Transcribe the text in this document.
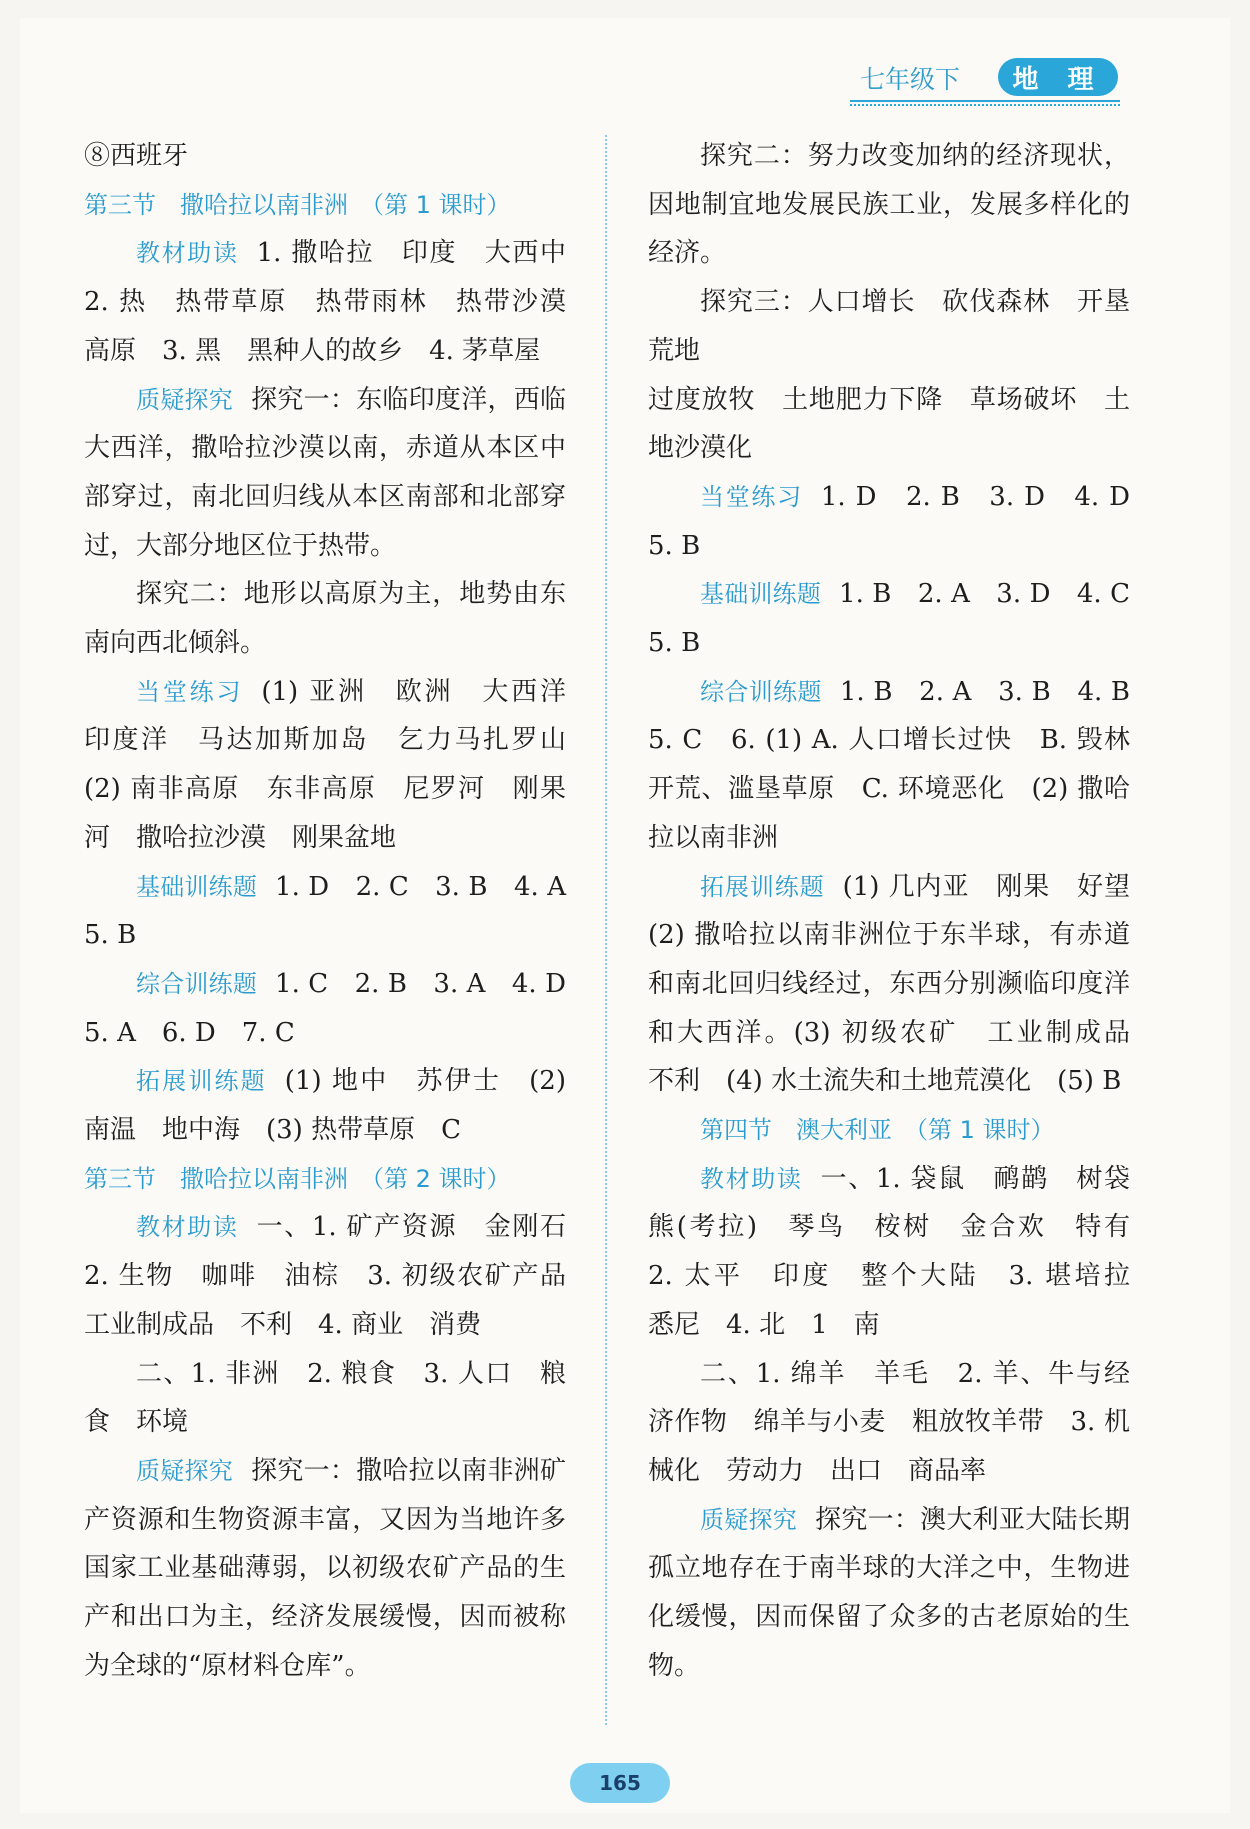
七年级下	地 理

⑧西班牙

第三节　撒哈拉以南非洲　（第 1 课时）

教材助读 1. 撒哈拉　印度　大西中　2. 热　热带草原　热带雨林　热带沙漠　高原　3. 黑　黑种人的故乡　4. 茅草屋

质疑探究 探究一：东临印度洋，西临大西洋，撒哈拉沙漠以南，赤道从本区中部穿过，南北回归线从本区南部和北部穿过，大部分地区位于热带。

探究二：地形以高原为主，地势由东南向西北倾斜。

当堂练习 (1) 亚洲　欧洲　大西洋　印度洋　马达加斯加岛　乞力马扎罗山　(2) 南非高原　东非高原　尼罗河　刚果河　撒哈拉沙漠　刚果盆地

基础训练题 1. D　2. C　3. B　4. A　5. B

综合训练题 1. C　2. B　3. A　4. D　5. A　6. D　7. C

拓展训练题 (1) 地中　苏伊士　(2) 南温　地中海　(3) 热带草原　C

第三节　撒哈拉以南非洲　（第 2 课时）

教材助读 一、1. 矿产资源　金刚石　2. 生物　咖啡　油棕　3. 初级农矿产品　工业制成品　不利　4. 商业　消费

二、1. 非洲　2. 粮食　3. 人口　粮食　环境

质疑探究 探究一：撒哈拉以南非洲矿产资源和生物资源丰富，又因为当地许多国家工业基础薄弱，以初级农矿产品的生产和出口为主，经济发展缓慢，因而被称为全球的“原材料仓库”。

探究二：努力改变加纳的经济现状，因地制宜地发展民族工业，发展多样化的经济。

探究三：人口增长　砍伐森林　开垦荒地

过度放牧　土地肥力下降　草场破坏　土地沙漠化

当堂练习 1. D　2. B　3. D　4. D　5. B

基础训练题 1. B　2. A　3. D　4. C　5. B

综合训练题 1. B　2. A　3. B　4. B　5. C　6. (1) A. 人口增长过快　B. 毁林开荒、滥垦草原　C. 环境恶化　(2) 撒哈拉以南非洲

拓展训练题 (1) 几内亚　刚果　好望　(2) 撒哈拉以南非洲位于东半球，有赤道和南北回归线经过，东西分别濒临印度洋和大西洋。(3) 初级农矿　工业制成品　不利　(4) 水土流失和土地荒漠化　(5) B

第四节　澳大利亚　（第 1 课时）

教材助读 一、1. 袋鼠　鸸鹋　树袋熊(考拉)　琴鸟　桉树　金合欢　特有　2. 太平　印度　整个大陆　3. 堪培拉　悉尼　4. 北　1　南

二、1. 绵羊　羊毛　2. 羊、牛与经济作物　绵羊与小麦　粗放牧羊带　3. 机械化　劳动力　出口　商品率

质疑探究 探究一：澳大利亚大陆长期孤立地存在于南半球的大洋之中，生物进化缓慢，因而保留了众多的古老原始的生物。

165
